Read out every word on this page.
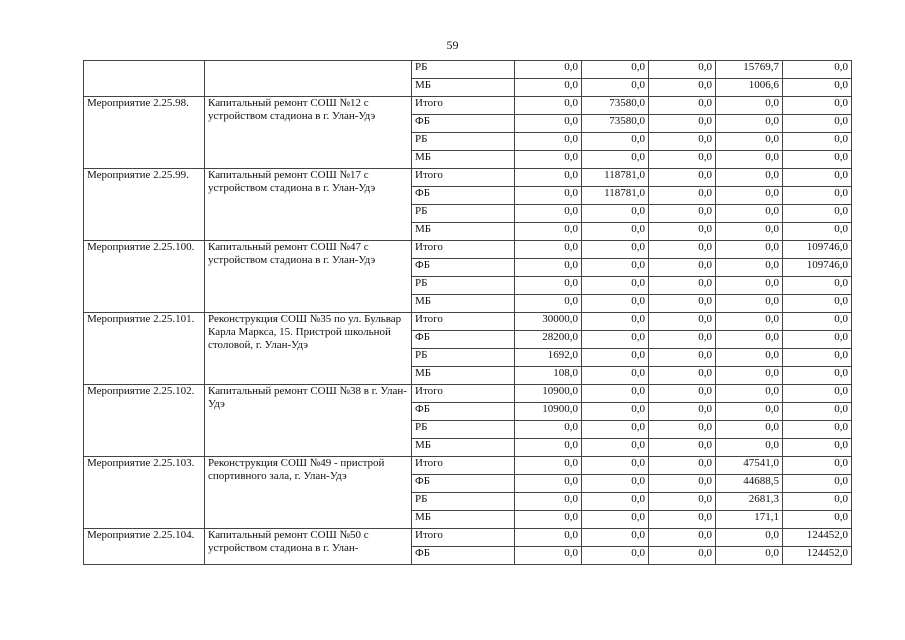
59
		РБ	0,0	0,0	0,0	15769,7	0,0
		МБ	0,0	0,0	0,0	1006,6	0,0

Мероприятие 2.25.98.	Капитальный ремонт СОШ №12 с устройством стадиона в г. Улан-Удэ	Итого	0,0	73580,0	0,0	0,0	0,0
		ФБ	0,0	73580,0	0,0	0,0	0,0
		РБ	0,0	0,0	0,0	0,0	0,0
		МБ	0,0	0,0	0,0	0,0	0,0

Мероприятие 2.25.99.	Капитальный ремонт СОШ №17 с устройством стадиона в г. Улан-Удэ	Итого	0,0	118781,0	0,0	0,0	0,0
		ФБ	0,0	118781,0	0,0	0,0	0,0
		РБ	0,0	0,0	0,0	0,0	0,0
		МБ	0,0	0,0	0,0	0,0	0,0

Мероприятие 2.25.100.	Капитальный ремонт СОШ №47 с устройством стадиона в г. Улан-Удэ	Итого	0,0	0,0	0,0	0,0	109746,0
		ФБ	0,0	0,0	0,0	0,0	109746,0
		РБ	0,0	0,0	0,0	0,0	0,0
		МБ	0,0	0,0	0,0	0,0	0,0

Мероприятие 2.25.101.	Реконструкция СОШ №35 по ул. Бульвар Карла Маркса, 15. Пристрой школьной столовой, г. Улан-Удэ	Итого	30000,0	0,0	0,0	0,0	0,0
		ФБ	28200,0	0,0	0,0	0,0	0,0
		РБ	1692,0	0,0	0,0	0,0	0,0
		МБ	108,0	0,0	0,0	0,0	0,0

Мероприятие 2.25.102.	Капитальный ремонт СОШ №38 в г. Улан-Удэ	Итого	10900,0	0,0	0,0	0,0	0,0
		ФБ	10900,0	0,0	0,0	0,0	0,0
		РБ	0,0	0,0	0,0	0,0	0,0
		МБ	0,0	0,0	0,0	0,0	0,0

Мероприятие 2.25.103.	Реконструкция СОШ №49 - пристрой спортивного зала, г. Улан-Удэ	Итого	0,0	0,0	0,0	47541,0	0,0
		ФБ	0,0	0,0	0,0	44688,5	0,0
		РБ	0,0	0,0	0,0	2681,3	0,0
		МБ	0,0	0,0	0,0	171,1	0,0

Мероприятие 2.25.104.	Капитальный ремонт СОШ №50 с устройством стадиона в г. Улан-	Итого	0,0	0,0	0,0	0,0	124452,0
		ФБ	0,0	0,0	0,0	0,0	124452,0
